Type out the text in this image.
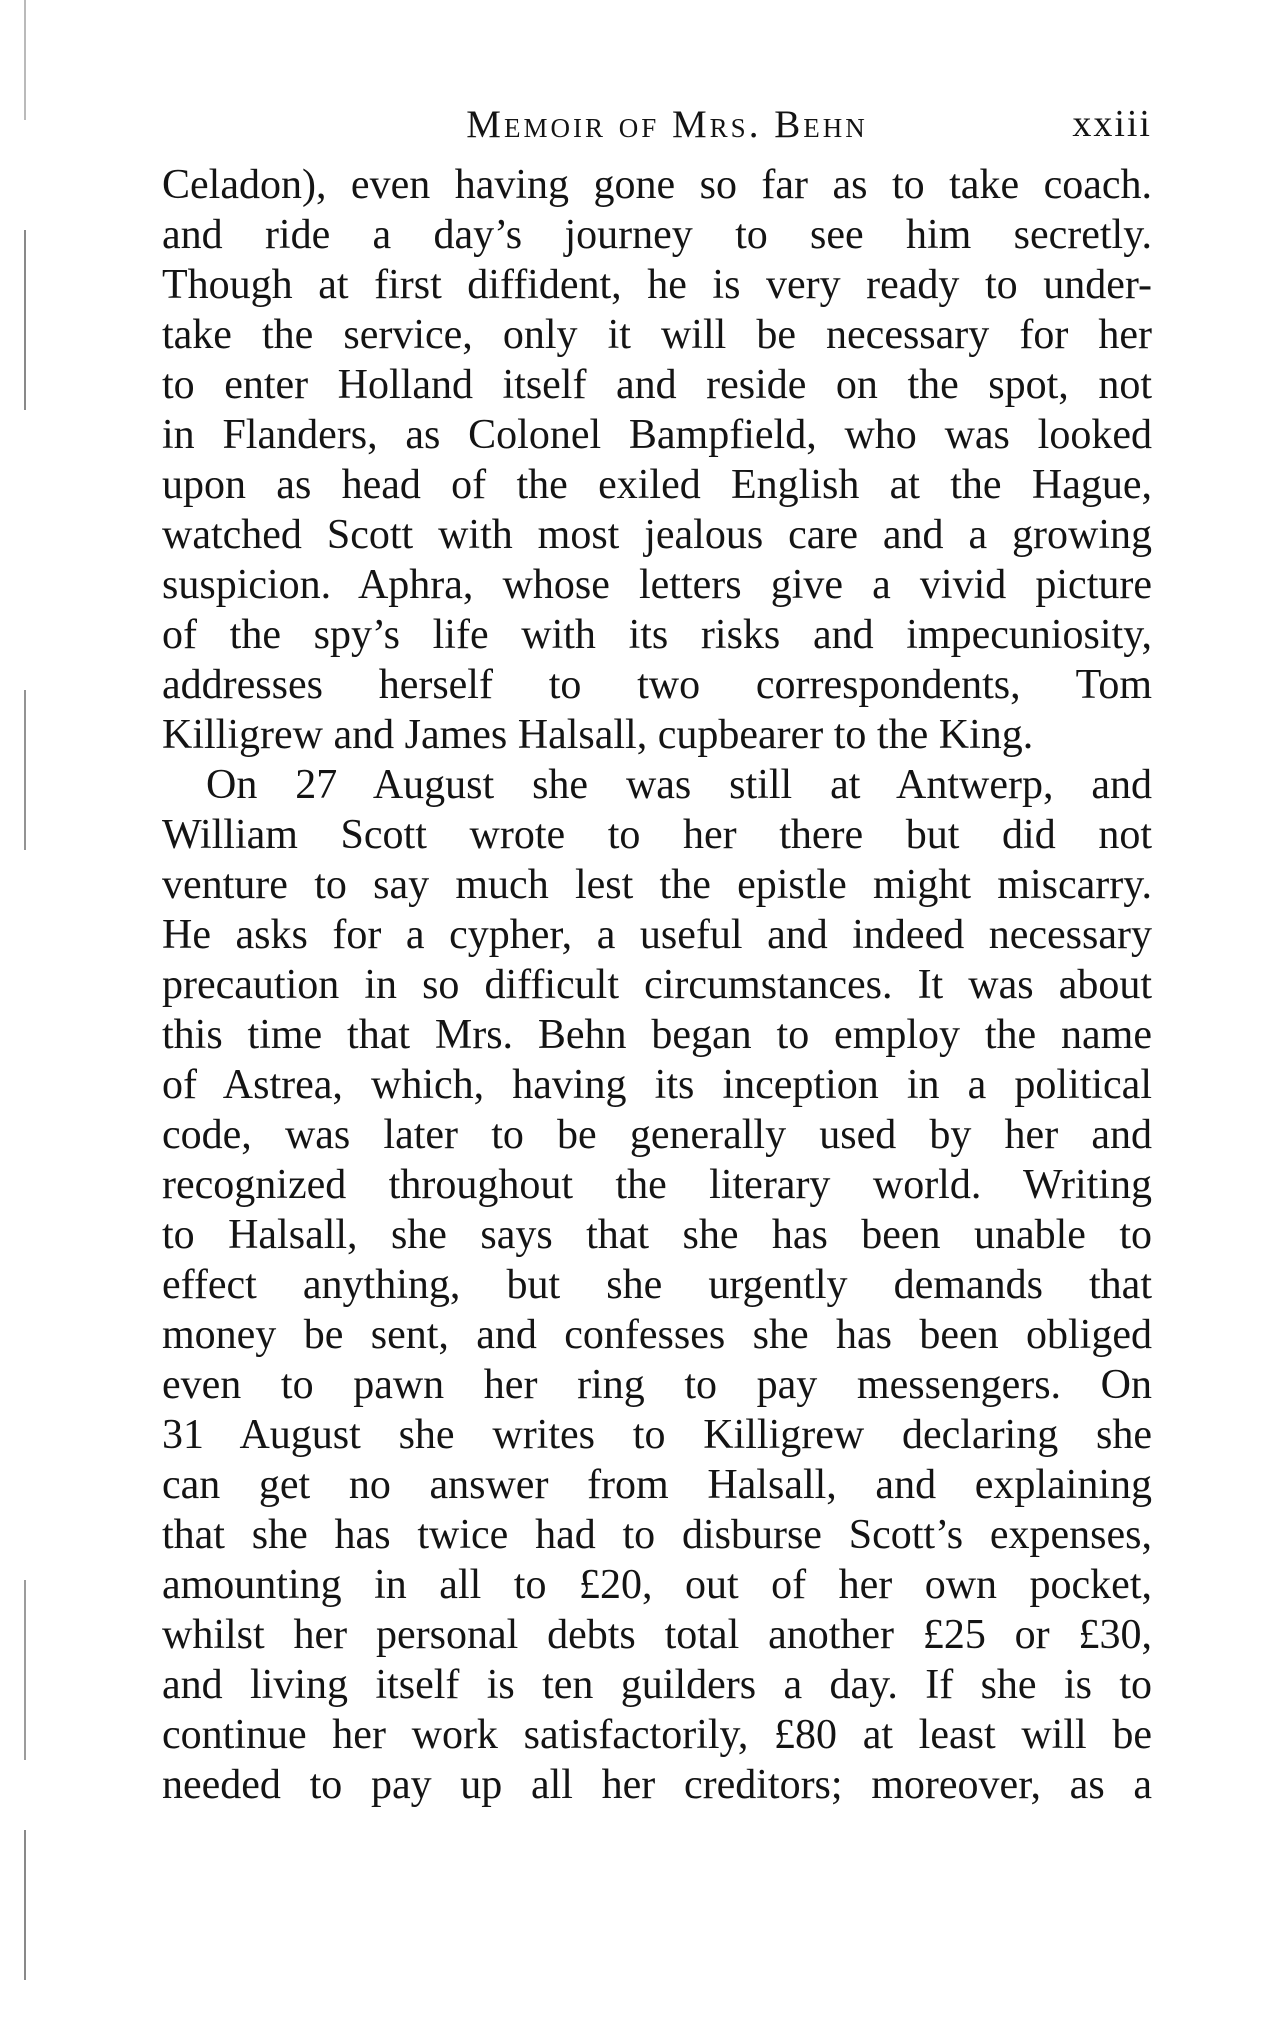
Memoir of Mrs. Behn	xxiii
Celadon), even having gone so far as to take coach.
and ride a day’s journey to see him secretly.
Though at first diffident, he is very ready to under-
take the service, only it will be necessary for her
to enter Holland itself and reside on the spot, not
in Flanders, as Colonel Bampfield, who was looked
upon as head of the exiled English at the Hague,
watched Scott with most jealous care and a growing
suspicion. Aphra, whose letters give a vivid picture
of the spy’s life with its risks and impecuniosity,
addresses herself to two correspondents, Tom
Killigrew and James Halsall, cupbearer to the King.
On 27 August she was still at Antwerp, and
William Scott wrote to her there but did not
venture to say much lest the epistle might miscarry.
He asks for a cypher, a useful and indeed necessary
precaution in so difficult circumstances. It was about
this time that Mrs. Behn began to employ the name
of Astrea, which, having its inception in a political
code, was later to be generally used by her and
recognized throughout the literary world. Writing
to Halsall, she says that she has been unable to
effect anything, but she urgently demands that
money be sent, and confesses she has been obliged
even to pawn her ring to pay messengers. On
31 August she writes to Killigrew declaring she
can get no answer from Halsall, and explaining
that she has twice had to disburse Scott’s expenses,
amounting in all to £20, out of her own pocket,
whilst her personal debts total another £25 or £30,
and living itself is ten guilders a day. If she is to
continue her work satisfactorily, £80 at least will be
needed to pay up all her creditors; moreover, as a
